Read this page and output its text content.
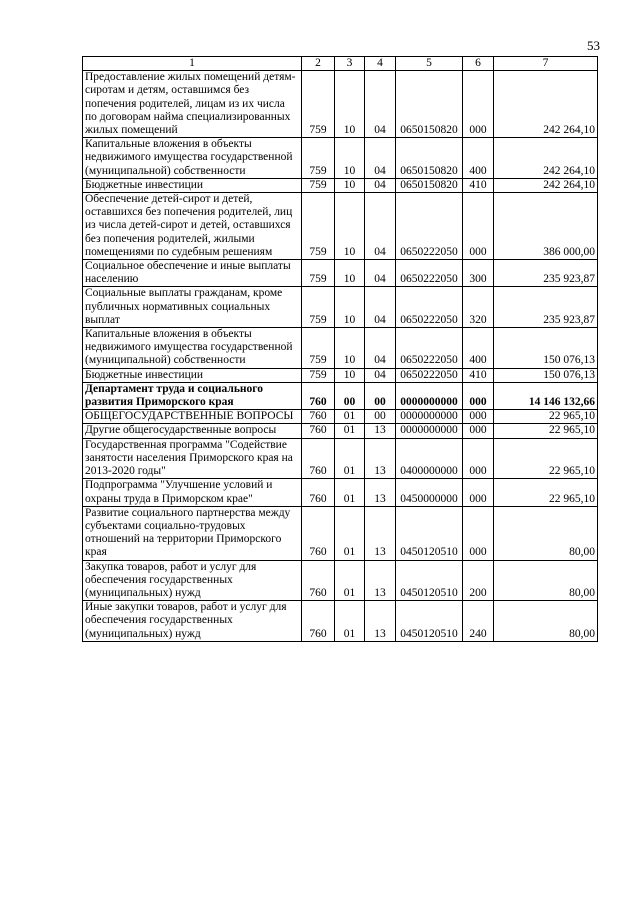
53
1	2	3	4	5	6	7
Предоставление жилых помещений детям-сиротам и детям, оставшимся без попечения родителей, лицам из их числа по договорам найма специализированных жилых помещений	759	10	04	0650150820	000	242 264,10
Капитальные вложения в объекты недвижимого имущества государственной (муниципальной) собственности	759	10	04	0650150820	400	242 264,10
Бюджетные инвестиции	759	10	04	0650150820	410	242 264,10
Обеспечение детей-сирот и детей, оставшихся без попечения родителей, лиц из числа детей-сирот и детей, оставшихся без попечения родителей, жилыми помещениями по судебным решениям	759	10	04	0650222050	000	386 000,00
Социальное обеспечение и иные выплаты населению	759	10	04	0650222050	300	235 923,87
Социальные выплаты гражданам, кроме публичных нормативных социальных выплат	759	10	04	0650222050	320	235 923,87
Капитальные вложения в объекты недвижимого имущества государственной (муниципальной) собственности	759	10	04	0650222050	400	150 076,13
Бюджетные инвестиции	759	10	04	0650222050	410	150 076,13
Департамент труда и социального развития Приморского края	760	00	00	0000000000	000	14 146 132,66
ОБЩЕГОСУДАРСТВЕННЫЕ ВОПРОСЫ	760	01	00	0000000000	000	22 965,10
Другие общегосударственные вопросы	760	01	13	0000000000	000	22 965,10
Государственная программа "Содействие занятости населения Приморского края на 2013-2020 годы"	760	01	13	0400000000	000	22 965,10
Подпрограмма "Улучшение условий и охраны труда в Приморском крае"	760	01	13	0450000000	000	22 965,10
Развитие социального партнерства между субъектами социально-трудовых отношений на территории Приморского края	760	01	13	0450120510	000	80,00
Закупка товаров, работ и услуг для обеспечения государственных (муниципальных) нужд	760	01	13	0450120510	200	80,00
Иные закупки товаров, работ и услуг для обеспечения государственных (муниципальных) нужд	760	01	13	0450120510	240	80,00
